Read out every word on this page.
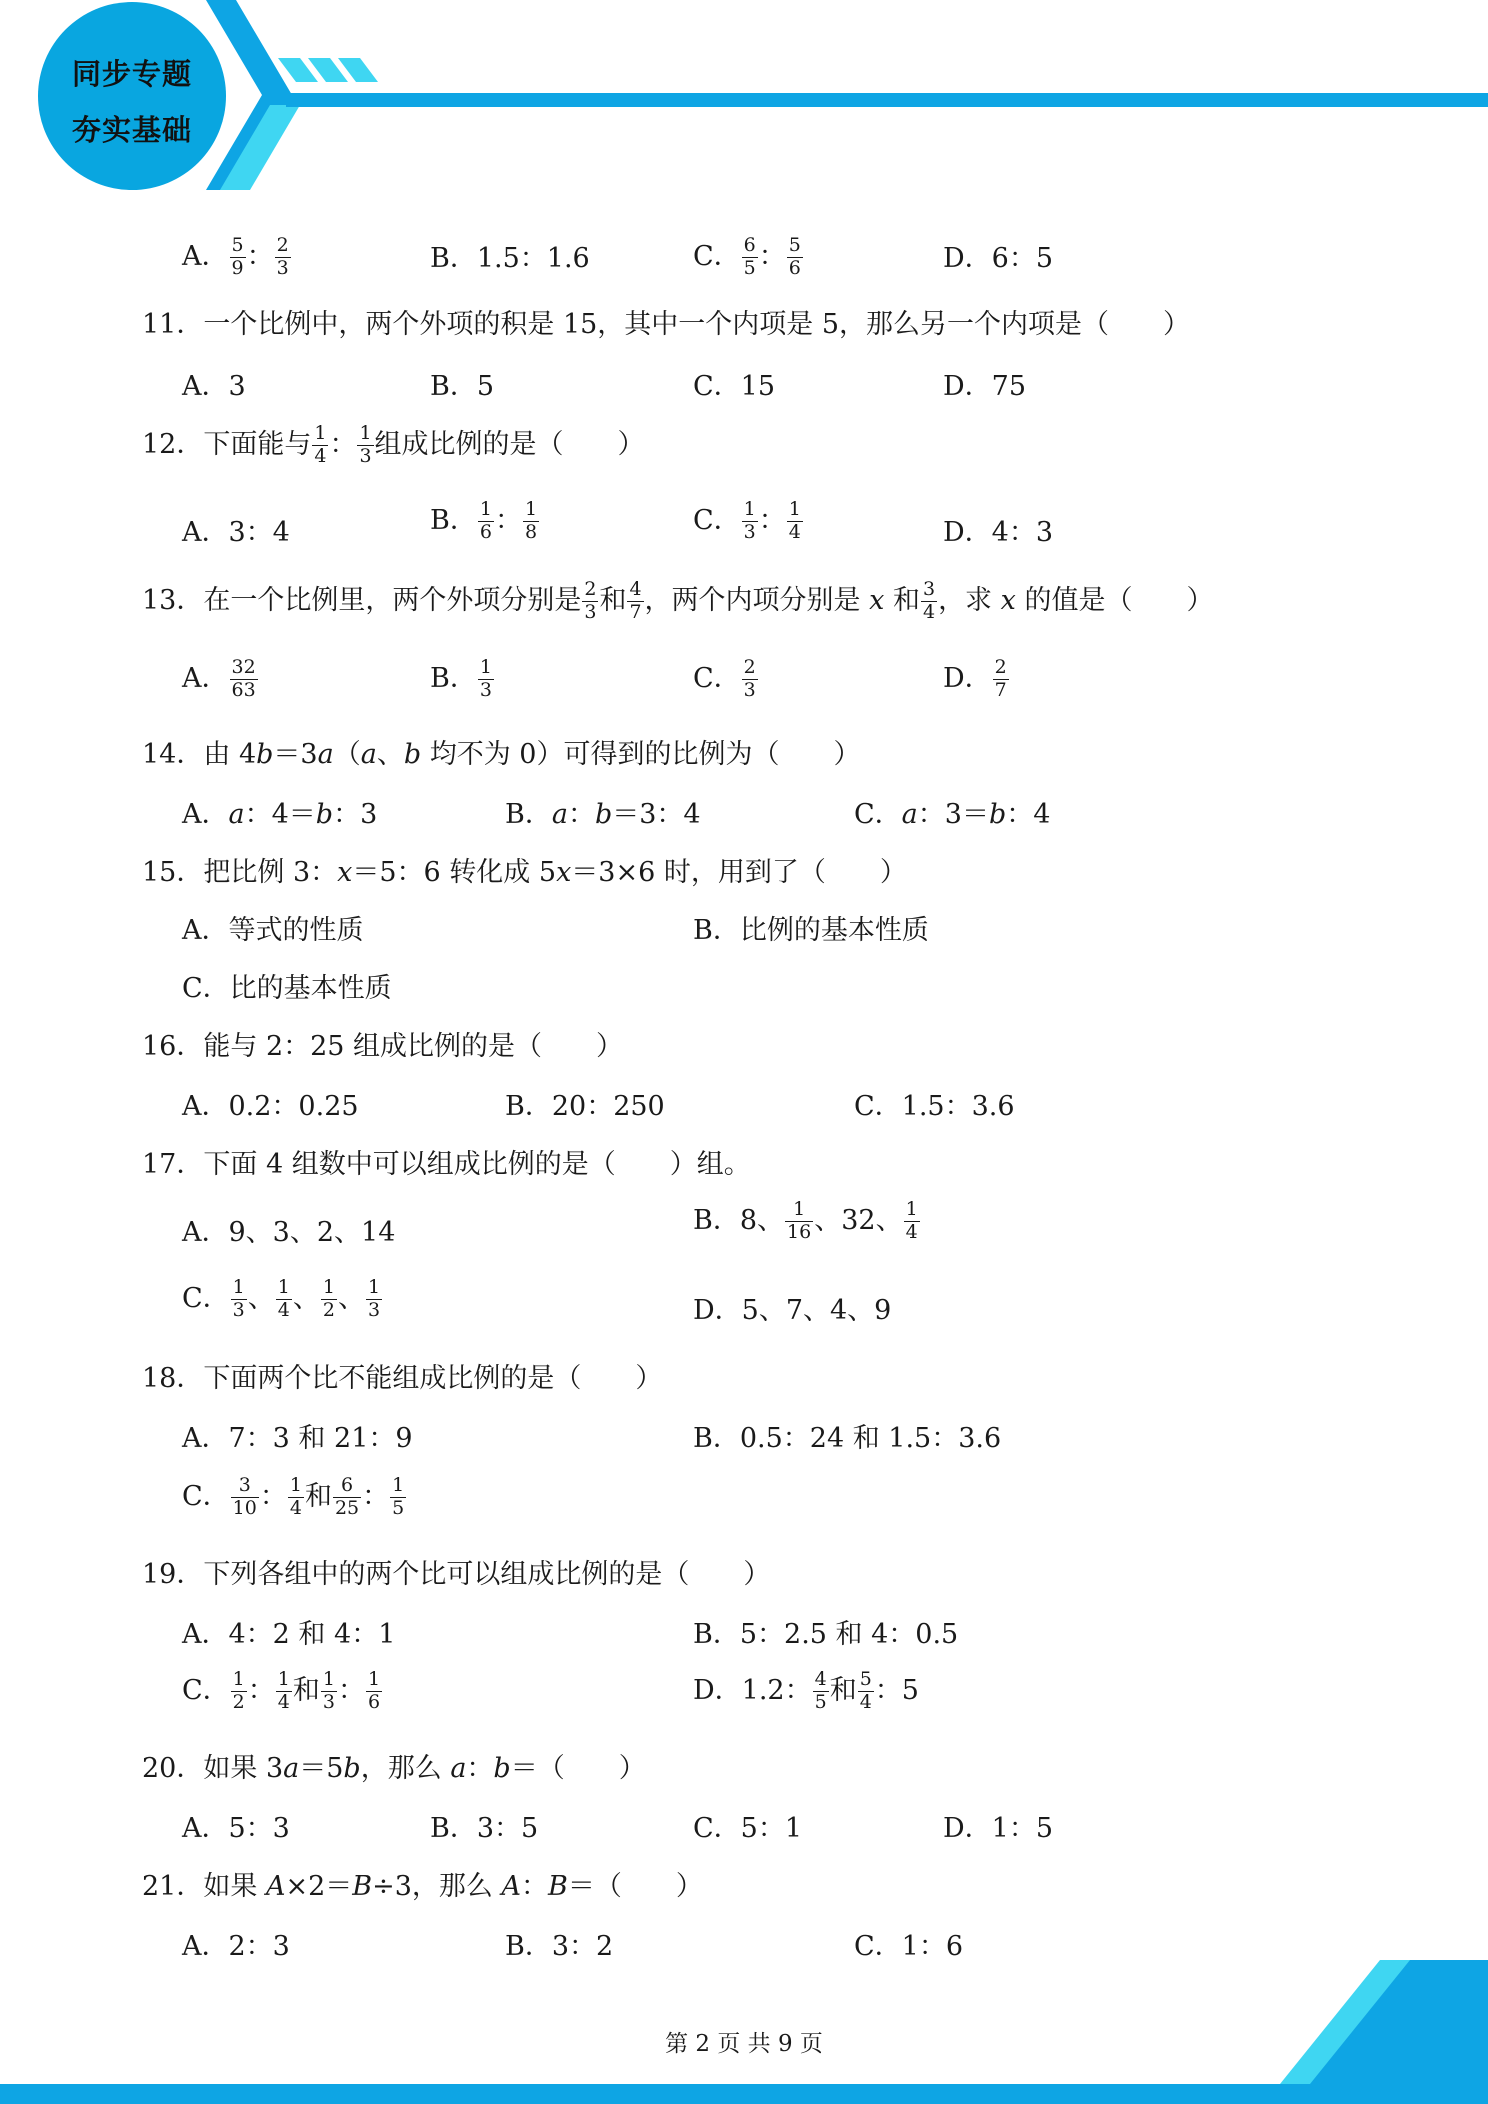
同步专题
夯实基础
A． $\frac{5}{9}$ ： $\frac{2}{3}$	B．1.5：1.6	C． $\frac{6}{5}$ ： $\frac{5}{6}$	D．6：5
11．一个比例中，两个外项的积是 15，其中一个内项是 5，那么另一个内项是（　　）
A．3	B．5	C．15	D．75
12．下面能与 $\frac{1}{4}$ ： $\frac{1}{3}$ 组成比例的是（　　）
A．3：4	B． $\frac{1}{6}$ ： $\frac{1}{8}$	C． $\frac{1}{3}$ ： $\frac{1}{4}$	D．4：3
13．在一个比例里，两个外项分别是 $\frac{2}{3}$ 和 $\frac{4}{7}$ ，两个内项分别是 x 和 $\frac{3}{4}$ ，求 x 的值是（　　）
A． $\frac{32}{63}$	B． $\frac{1}{3}$	C． $\frac{2}{3}$	D． $\frac{2}{7}$
14．由 4b＝3a（a、b 均不为 0）可得到的比例为（　　）
A．a：4＝b：3	B．a：b＝3：4	C．a：3＝b：4
15．把比例 3：x＝5：6 转化成 5x＝3×6 时，用到了（　　）
A．等式的性质	B．比例的基本性质
C．比的基本性质
16．能与 2：25 组成比例的是（　　）
A．0.2：0.25	B．20：250	C．1.5：3.6
17．下面 4 组数中可以组成比例的是（　　）组。
A．9、3、2、14	B．8、 $\frac{1}{16}$ 、32、 $\frac{1}{4}$
C． $\frac{1}{3}$ 、 $\frac{1}{4}$ 、 $\frac{1}{2}$ 、 $\frac{1}{3}$	D．5、7、4、9
18．下面两个比不能组成比例的是（　　）
A．7：3 和 21：9	B．0.5：24 和 1.5：3.6
C． $\frac{3}{10}$ ： $\frac{1}{4}$ 和 $\frac{6}{25}$ ： $\frac{1}{5}$
19．下列各组中的两个比可以组成比例的是（　　）
A．4：2 和 4：1	B．5：2.5 和 4：0.5
C． $\frac{1}{2}$ ： $\frac{1}{4}$ 和 $\frac{1}{3}$ ： $\frac{1}{6}$	D．1.2： $\frac{4}{5}$ 和 $\frac{5}{4}$ ：5
20．如果 3a＝5b，那么 a：b＝（　　）
A．5：3	B．3：5	C．5：1	D．1：5
21．如果 A×2＝B÷3，那么 A：B＝（　　）
A．2：3	B．3：2	C．1：6
第 2 页 共 9 页
